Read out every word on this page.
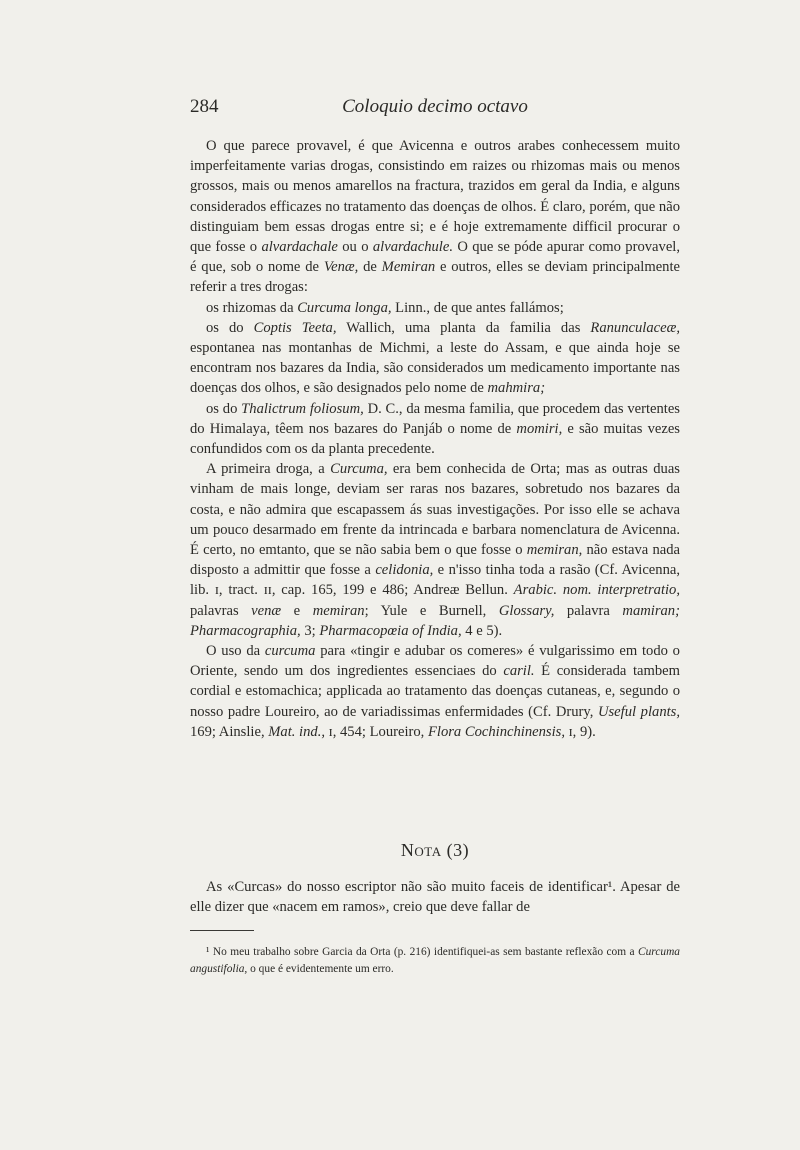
284	Coloquio decimo octavo

O que parece provavel, é que Avicenna e outros arabes conhecessem muito imperfeitamente varias drogas, consistindo em raizes ou rhizomas mais ou menos grossos, mais ou menos amarellos na fractura, trazidos em geral da India, e alguns considerados efficazes no tratamento das doenças de olhos. É claro, porém, que não distinguiam bem essas drogas entre si; e é hoje extremamente difficil procurar o que fosse o alvardachale ou o alvardachule. O que se póde apurar como provavel, é que, sob o nome de Venæ, de Memiran e outros, elles se deviam principalmente referir a tres drogas:

os rhizomas da Curcuma longa, Linn., de que antes fallámos;

os do Coptis Teeta, Wallich, uma planta da familia das Ranunculaceæ, espontanea nas montanhas de Michmi, a leste do Assam, e que ainda hoje se encontram nos bazares da India, são considerados um medicamento importante nas doenças dos olhos, e são designados pelo nome de mahmira;

os do Thalictrum foliosum, D. C., da mesma familia, que procedem das vertentes do Himalaya, têem nos bazares do Panjáb o nome de momiri, e são muitas vezes confundidos com os da planta precedente.

A primeira droga, a Curcuma, era bem conhecida de Orta; mas as outras duas vinham de mais longe, deviam ser raras nos bazares, sobretudo nos bazares da costa, e não admira que escapassem ás suas investigações. Por isso elle se achava um pouco desarmado em frente da intrincada e barbara nomenclatura de Avicenna. É certo, no emtanto, que se não sabia bem o que fosse o memiran, não estava nada disposto a admittir que fosse a celidonia, e n'isso tinha toda a rasão (Cf. Avicenna, lib. ɪ, tract. ɪɪ, cap. 165, 199 e 486; Andreæ Bellun. Arabic. nom. interpretratio, palavras venæ e memiran; Yule e Burnell, Glossary, palavra mamiran; Pharmacographia, 3; Pharmacopœia of India, 4 e 5).

O uso da curcuma para «tingir e adubar os comeres» é vulgarissimo em todo o Oriente, sendo um dos ingredientes essenciaes do caril. É considerada tambem cordial e estomachica; applicada ao tratamento das doenças cutaneas, e, segundo o nosso padre Loureiro, ao de variadissimas enfermidades (Cf. Drury, Useful plants, 169; Ainslie, Mat. ind., ɪ, 454; Loureiro, Flora Cochinchinensis, ɪ, 9).

Nota (3)

As «Curcas» do nosso escriptor não são muito faceis de identificar¹. Apesar de elle dizer que «nacem em ramos», creio que deve fallar de

¹ No meu trabalho sobre Garcia da Orta (p. 216) identifiquei-as sem bastante reflexão com a Curcuma angustifolia, o que é evidentemente um erro.
